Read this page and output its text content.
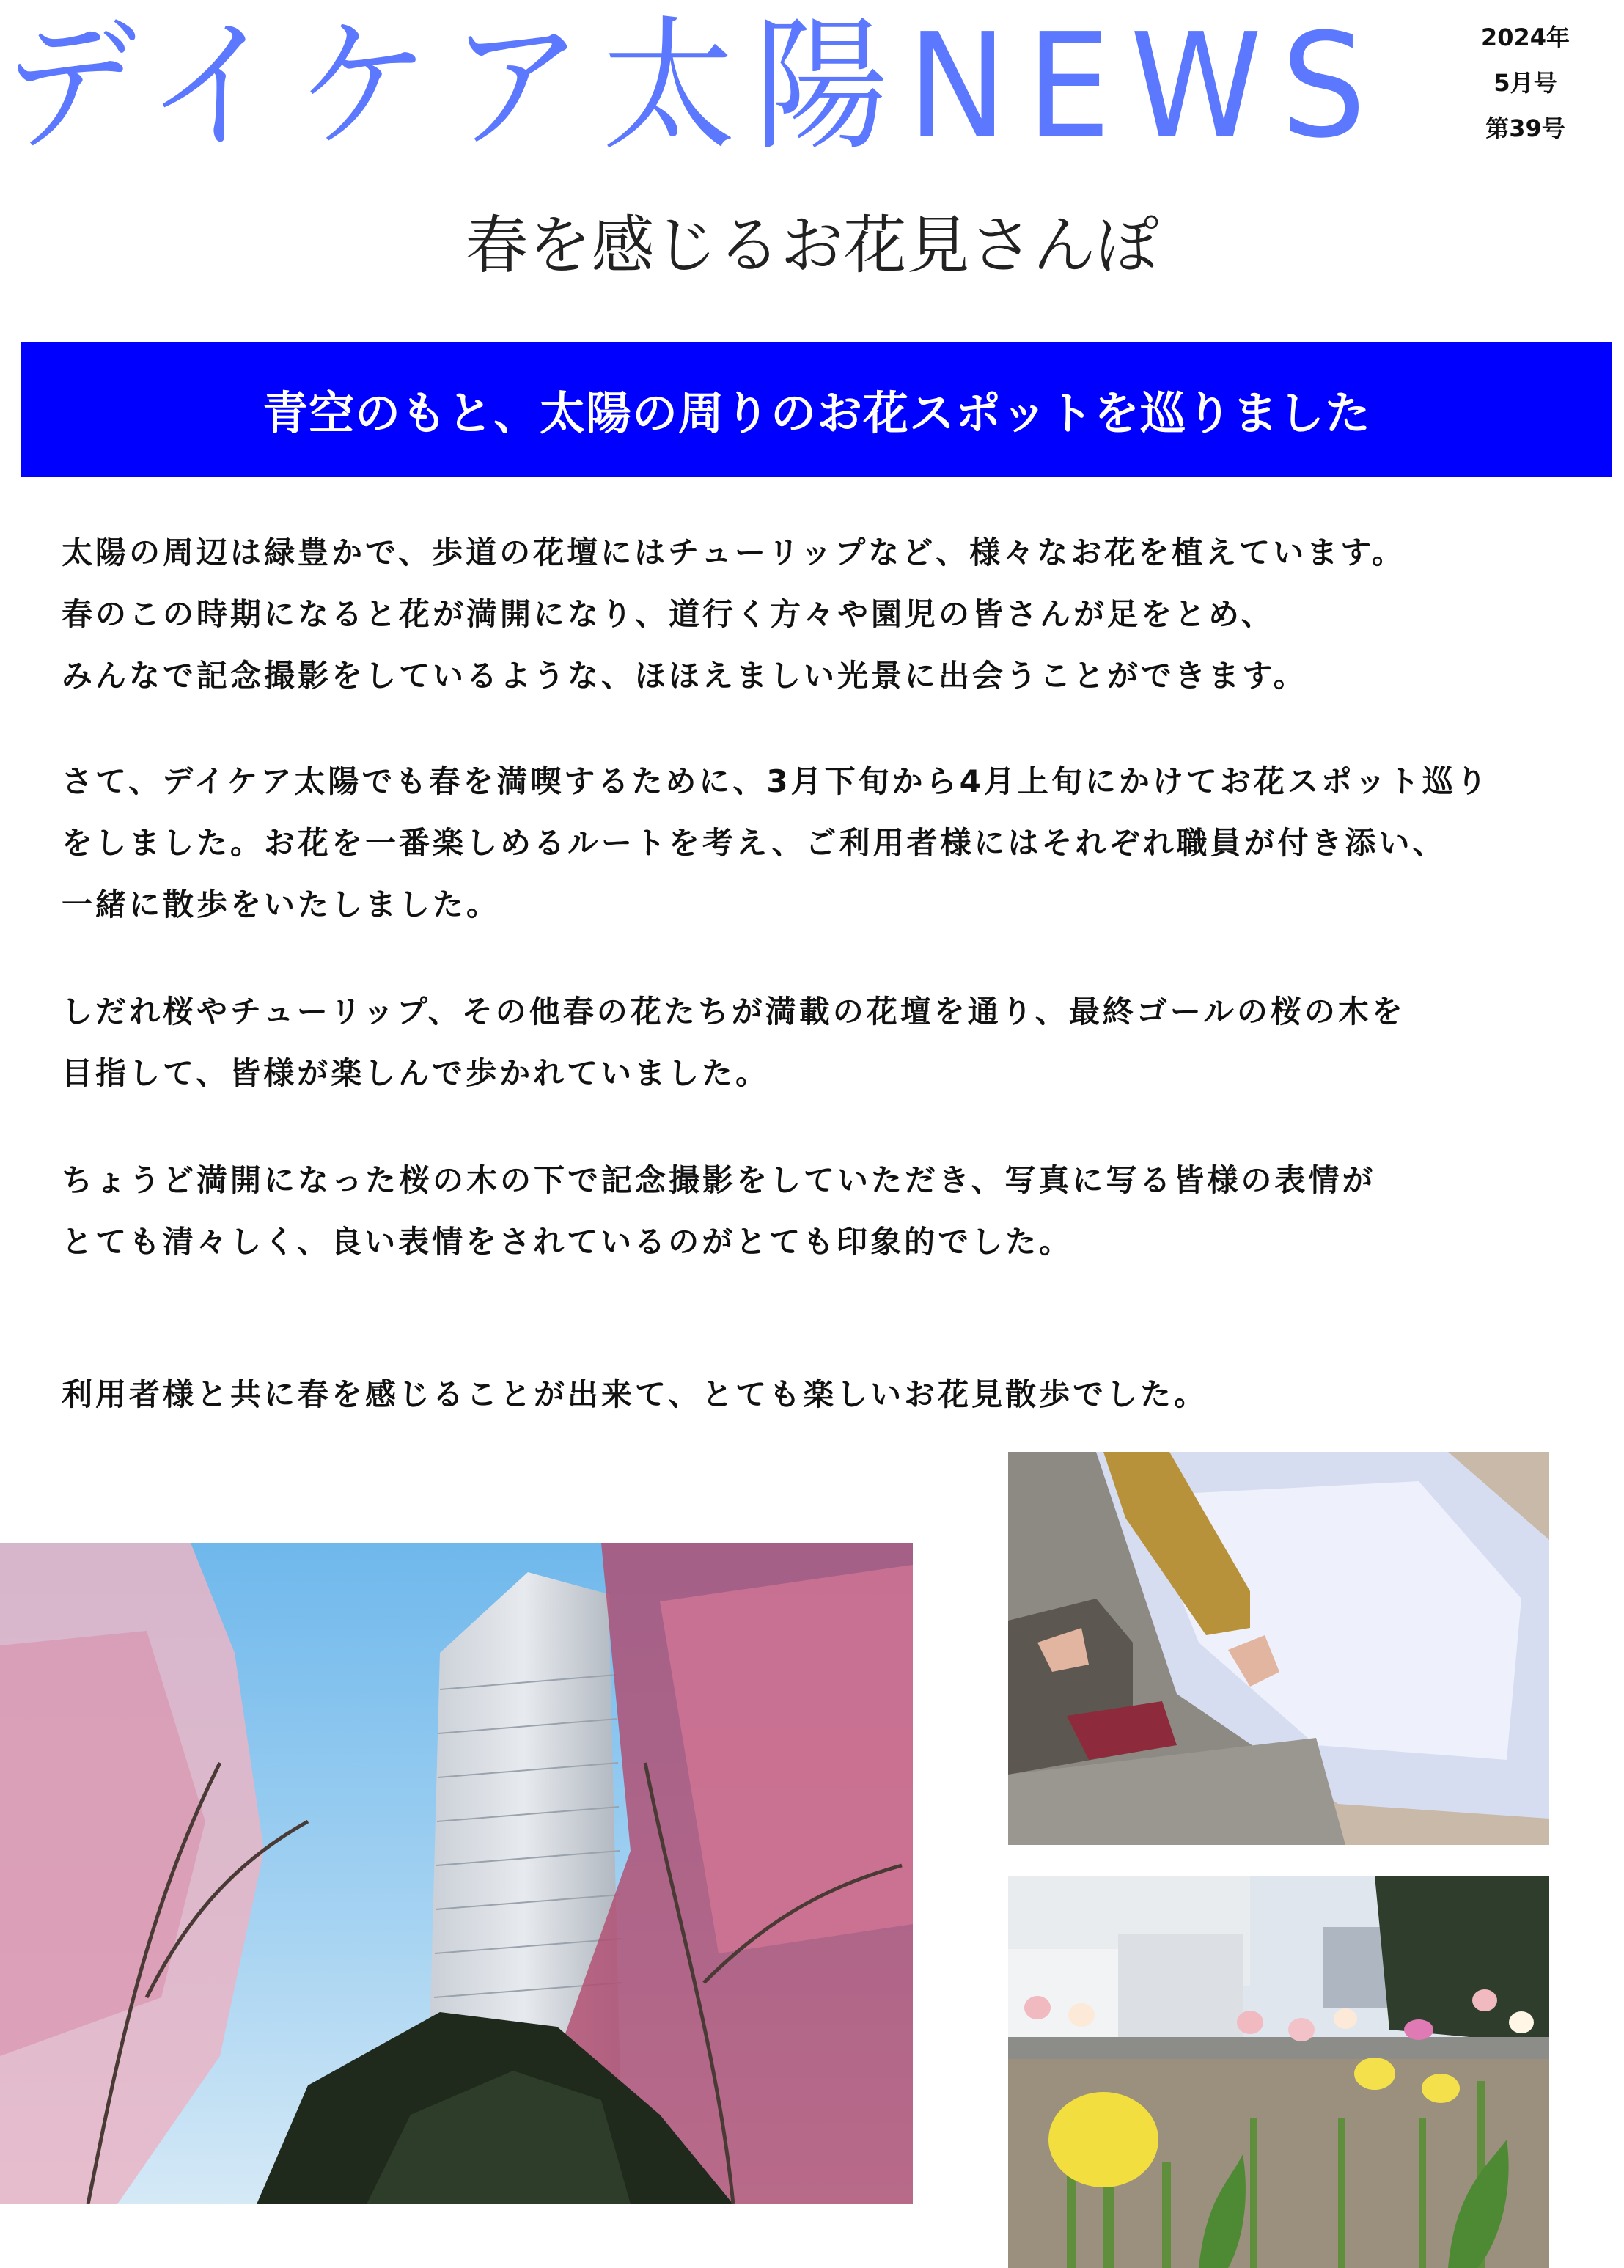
デイケア太陽NEWS	2024年
5月号
第39号
春を感じるお花見さんぽ
青空のもと、太陽の周りのお花スポットを巡りました
太陽の周辺は緑豊かで、歩道の花壇にはチューリップなど、様々なお花を植えています。
春のこの時期になると花が満開になり、道行く方々や園児の皆さんが足をとめ、
みんなで記念撮影をしているような、ほほえましい光景に出会うことができます。
さて、デイケア太陽でも春を満喫するために、3月下旬から4月上旬にかけてお花スポット巡り
をしました。お花を一番楽しめるルートを考え、ご利用者様にはそれぞれ職員が付き添い、
一緒に散歩をいたしました。
しだれ桜やチューリップ、その他春の花たちが満載の花壇を通り、最終ゴールの桜の木を
目指して、皆様が楽しんで歩かれていました。
ちょうど満開になった桜の木の下で記念撮影をしていただき、写真に写る皆様の表情が
とても清々しく、良い表情をされているのがとても印象的でした。
利用者様と共に春を感じることが出来て、とても楽しいお花見散歩でした。
